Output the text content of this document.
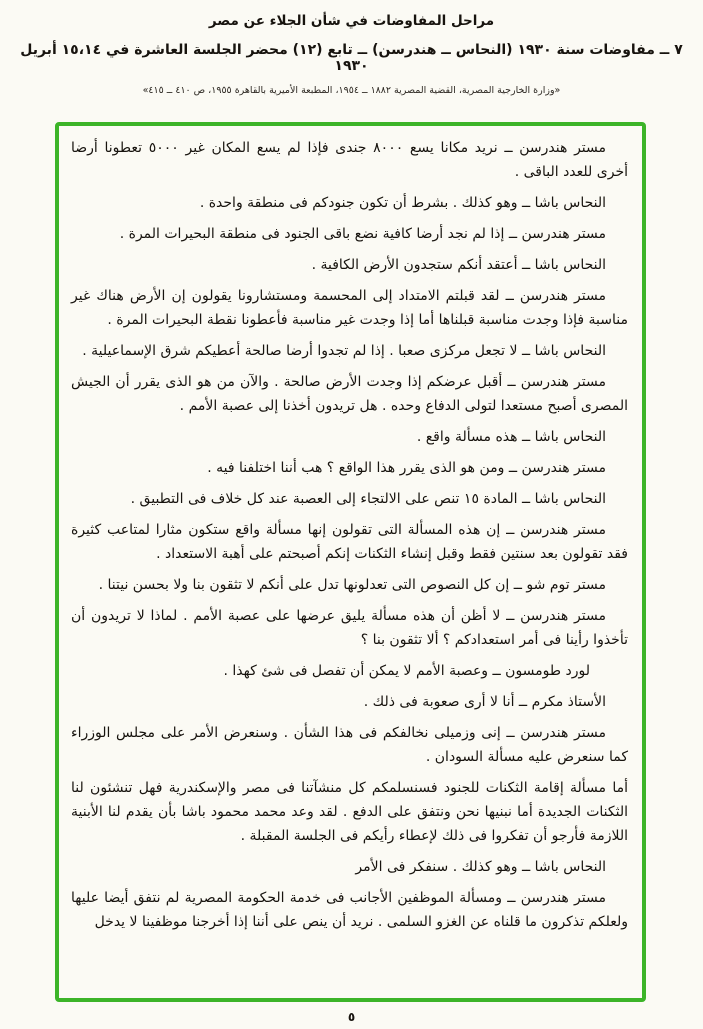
مراحل المفاوضات في شأن الجلاء عن مصر
٧ ــ مفاوضات سنة ١٩٣٠ (النحاس ــ هندرسن) ــ تابع (١٢) محضر الجلسة العاشرة في ١٥،١٤ أبريل ١٩٣٠
«وزارة الخارجية المصرية، القضية المصرية ١٨٨٢ ــ ١٩٥٤، المطبعة الأميرية بالقاهرة ١٩٥٥، ص ٤١٠ ــ ٤١٥»

مستر هندرسن ــ نريد مكانا يسع ٨٠٠٠ جندى فإذا لم يسع المكان غير ٥٠٠٠ تعطونا أرضا أخرى للعدد الباقى .

النحاس باشا ــ وهو كذلك . بشرط أن تكون جنودكم فى منطقة واحدة .

مستر هندرسن ــ إذا لم نجد أرضا كافية نضع باقى الجنود فى منطقة البحيرات المرة .

النحاس باشا ــ أعتقد أنكم ستجدون الأرض الكافية .

مستر هندرسن ــ لقد قبلتم الامتداد إلى المحسمة ومستشارونا يقولون إن الأرض هناك غير مناسبة فإذا وجدت مناسبة قبلناها أما إذا وجدت غير مناسبة فأعطونا نقطة البحيرات المرة .

النحاس باشا ــ لا تجعل مركزى صعبا . إذا لم تجدوا أرضا صالحة أعطيكم شرق الإسماعيلية .

مستر هندرسن ــ أقبل عرضكم إذا وجدت الأرض صالحة . والآن من هو الذى يقرر أن الجيش المصرى أصبح مستعدا لتولى الدفاع وحده . هل تريدون أخذنا إلى عصبة الأمم .

النحاس باشا ــ هذه مسألة واقع .

مستر هندرسن ــ ومن هو الذى يقرر هذا الواقع ؟ هب أننا اختلفنا فيه .

النحاس باشا ــ المادة ١٥ تنص على الالتجاء إلى العصبة عند كل خلاف فى التطبيق .

مستر هندرسن ــ إن هذه المسألة التى تقولون إنها مسألة واقع ستكون مثارا لمتاعب كثيرة فقد تقولون بعد سنتين فقط وقبل إنشاء الثكنات إنكم أصبحتم على أهبة الاستعداد .

مستر توم شو ــ إن كل النصوص التى تعدلونها تدل على أنكم لا تثقون بنا ولا بحسن نيتنا .

مستر هندرسن ــ لا أظن أن هذه مسألة يليق عرضها على عصبة الأمم . لماذا لا تريدون أن تأخذوا رأينا فى أمر استعدادكم ؟ ألا تثقون بنا ؟

لورد طومسون ــ وعصبة الأمم لا يمكن أن تفصل فى شئ كهذا .

الأستاذ مكرم ــ أنا لا أرى صعوبة فى ذلك .

مستر هندرسن ــ إنى وزميلى نخالفكم فى هذا الشأن . وسنعرض الأمر على مجلس الوزراء كما سنعرض عليه مسألة السودان .

أما مسألة إقامة الثكنات للجنود فسنسلمكم كل منشآتنا فى مصر والإسكندرية فهل تنشئون لنا الثكنات الجديدة أما نبنيها نحن ونتفق على الدفع . لقد وعد محمد محمود باشا بأن يقدم لنا الأبنية اللازمة فأرجو أن تفكروا فى ذلك لإعطاء رأيكم فى الجلسة المقبلة .

النحاس باشا ــ وهو كذلك . سنفكر فى الأمر

مستر هندرسن ــ ومسألة الموظفين الأجانب فى خدمة الحكومة المصرية لم نتفق أيضا عليها ولعلكم تذكرون ما قلناه عن الغزو السلمى . نريد أن ينص على أننا إذا أخرجنا موظفينا لا يدخل

٥
